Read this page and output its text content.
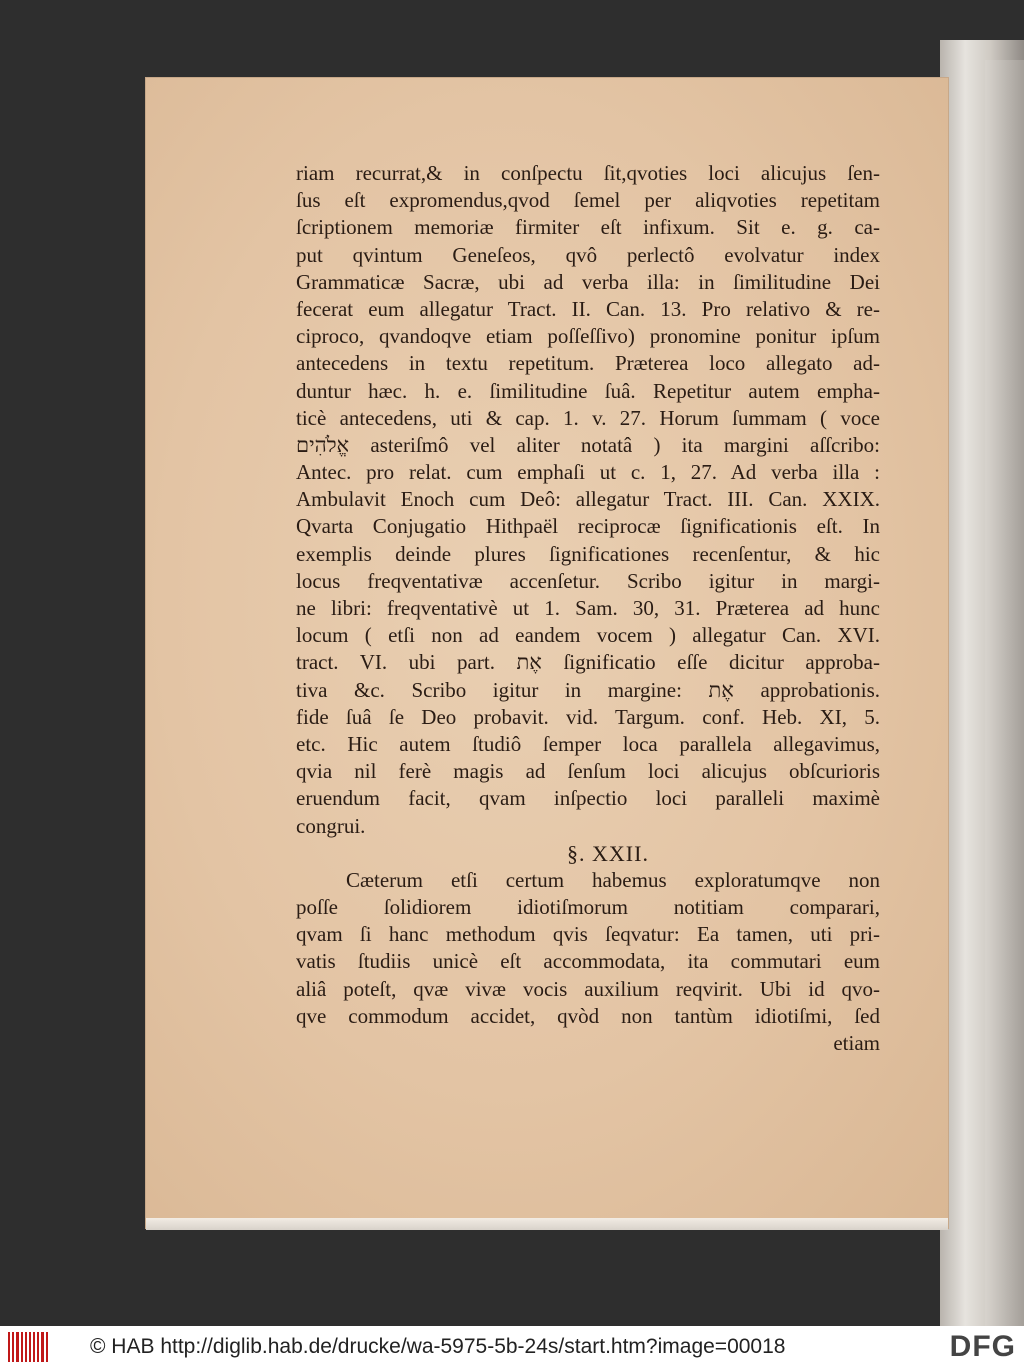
riam recurrat,& in conſpectu ſit,qvoties loci alicujus ſen-
ſus eſt expromendus,qvod ſemel per aliqvoties repetitam
ſcriptionem memoriæ firmiter eſt infixum. Sit e. g. ca-
put qvintum Geneſeos, qvô perlectô evolvatur index
Grammaticæ Sacræ, ubi ad verba illa: in ſimilitudine Dei
fecerat eum allegatur Tract. II. Can. 13. Pro relativo & re-
ciproco, qvandoqve etiam poſſeſſivo) pronomine ponitur ipſum
antecedens in textu repetitum. Præterea loco allegato ad-
duntur hæc. h. e. ſimilitudine ſuâ. Repetitur autem empha-
ticè antecedens, uti & cap. 1. v. 27. Horum ſummam ( voce
אֱלֹהִים asteriſmô vel aliter notatâ ) ita margini aſſcribo:
Antec. pro relat. cum emphaſi ut c. 1, 27. Ad verba illa :
Ambulavit Enoch cum Deô: allegatur Tract. III. Can. XXIX.
Qvarta Conjugatio Hithpaël reciprocæ ſignificationis eſt. In
exemplis deinde plures ſignificationes recenſentur, & hic
locus freqventativæ accenſetur. Scribo igitur in margi-
ne libri: freqventativè ut 1. Sam. 30, 31. Præterea ad hunc
locum ( etſi non ad eandem vocem ) allegatur Can. XVI.
tract. VI. ubi part. אֶת ſignificatio eſſe dicitur approba-
tiva &c. Scribo igitur in margine: אֶת approbationis.
fide ſuâ ſe Deo probavit. vid. Targum. conf. Heb. XI, 5.
etc. Hic autem ſtudiô ſemper loca parallela allegavimus,
qvia nil ferè magis ad ſenſum loci alicujus obſcurioris
eruendum facit, qvam inſpectio loci paralleli maximè
congrui.
§. XXII.
Cæterum etſi certum habemus exploratumqve non
poſſe ſolidiorem idiotiſmorum notitiam comparari,
qvam ſi hanc methodum qvis ſeqvatur: Ea tamen, uti pri-
vatis ſtudiis unicè eſt accommodata, ita commutari eum
aliâ poteſt, qvæ vivæ vocis auxilium reqvirit. Ubi id qvo-
qve commodum accidet, qvòd non tantùm idiotiſmi, ſed
etiam
© HAB http://diglib.hab.de/drucke/wa-5975-5b-24s/start.htm?image=00018	DFG
